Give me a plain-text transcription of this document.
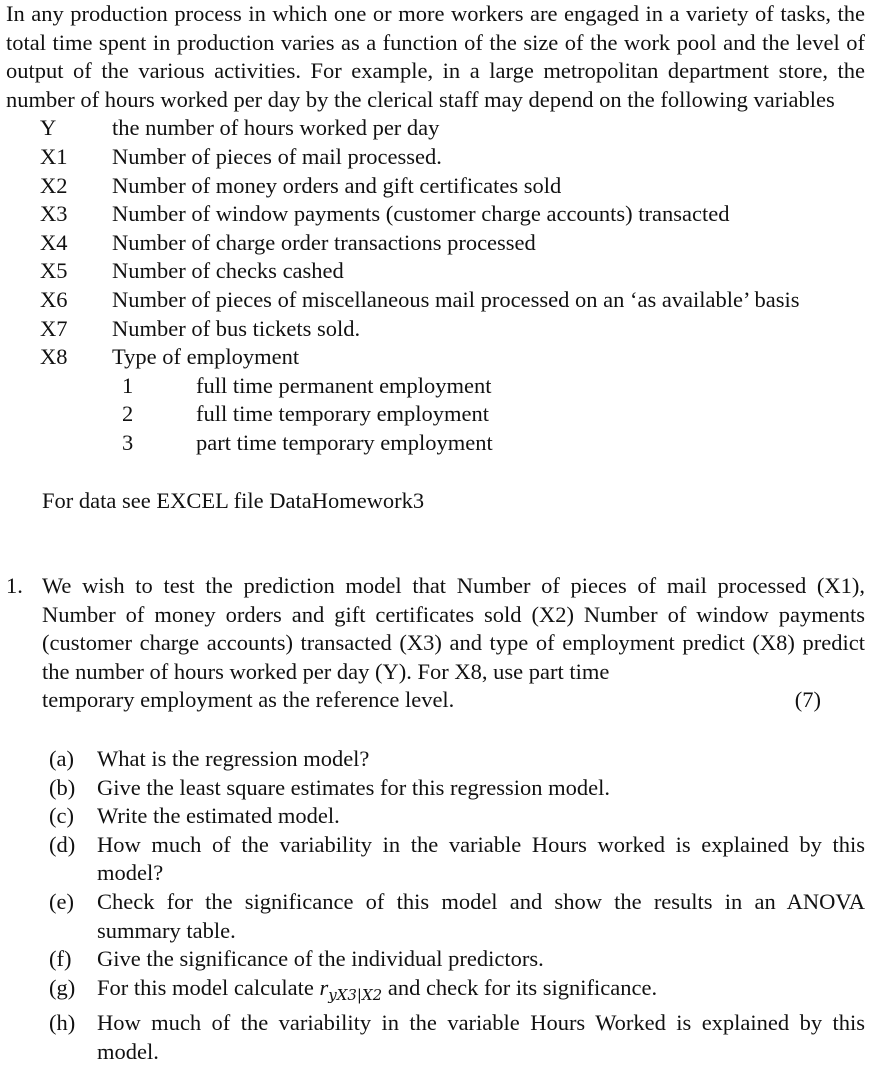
In any production process in which one or more workers are engaged in a variety of tasks, the total time spent in production varies as a function of the size of the work pool and the level of output of the various activities. For example, in a large metropolitan department store, the number of hours worked per day by the clerical staff may depend on the following variables

Y	the number of hours worked per day
X1	Number of pieces of mail processed.
X2	Number of money orders and gift certificates sold
X3	Number of window payments (customer charge accounts) transacted
X4	Number of charge order transactions processed
X5	Number of checks cashed
X6	Number of pieces of miscellaneous mail processed on an ‘as available’ basis
X7	Number of bus tickets sold.
X8	Type of employment
1	full time permanent employment
2	full time temporary employment
3	part time temporary employment

For data see EXCEL file DataHomework3

1. We wish to test the prediction model that Number of pieces of mail processed (X1), Number of money orders and gift certificates sold (X2) Number of window payments (customer charge accounts) transacted (X3) and type of employment predict (X8) predict the number of hours worked per day (Y). For X8, use part time

temporary employment as the reference level.	(7)
(a)	What is the regression model?
(b) Give the least square estimates for this regression model.
(c)	Write the estimated model.
(d) How much of the variability in the variable Hours worked is explained by this model?
(e)	Check for the significance of this model and show the results in an ANOVA summary table.
(f)	Give the significance of the individual predictors.
(g) For this model calculate $r_{yX3|X2}$ and check for its significance.
(h) How much of the variability in the variable Hours Worked is explained by this model.
